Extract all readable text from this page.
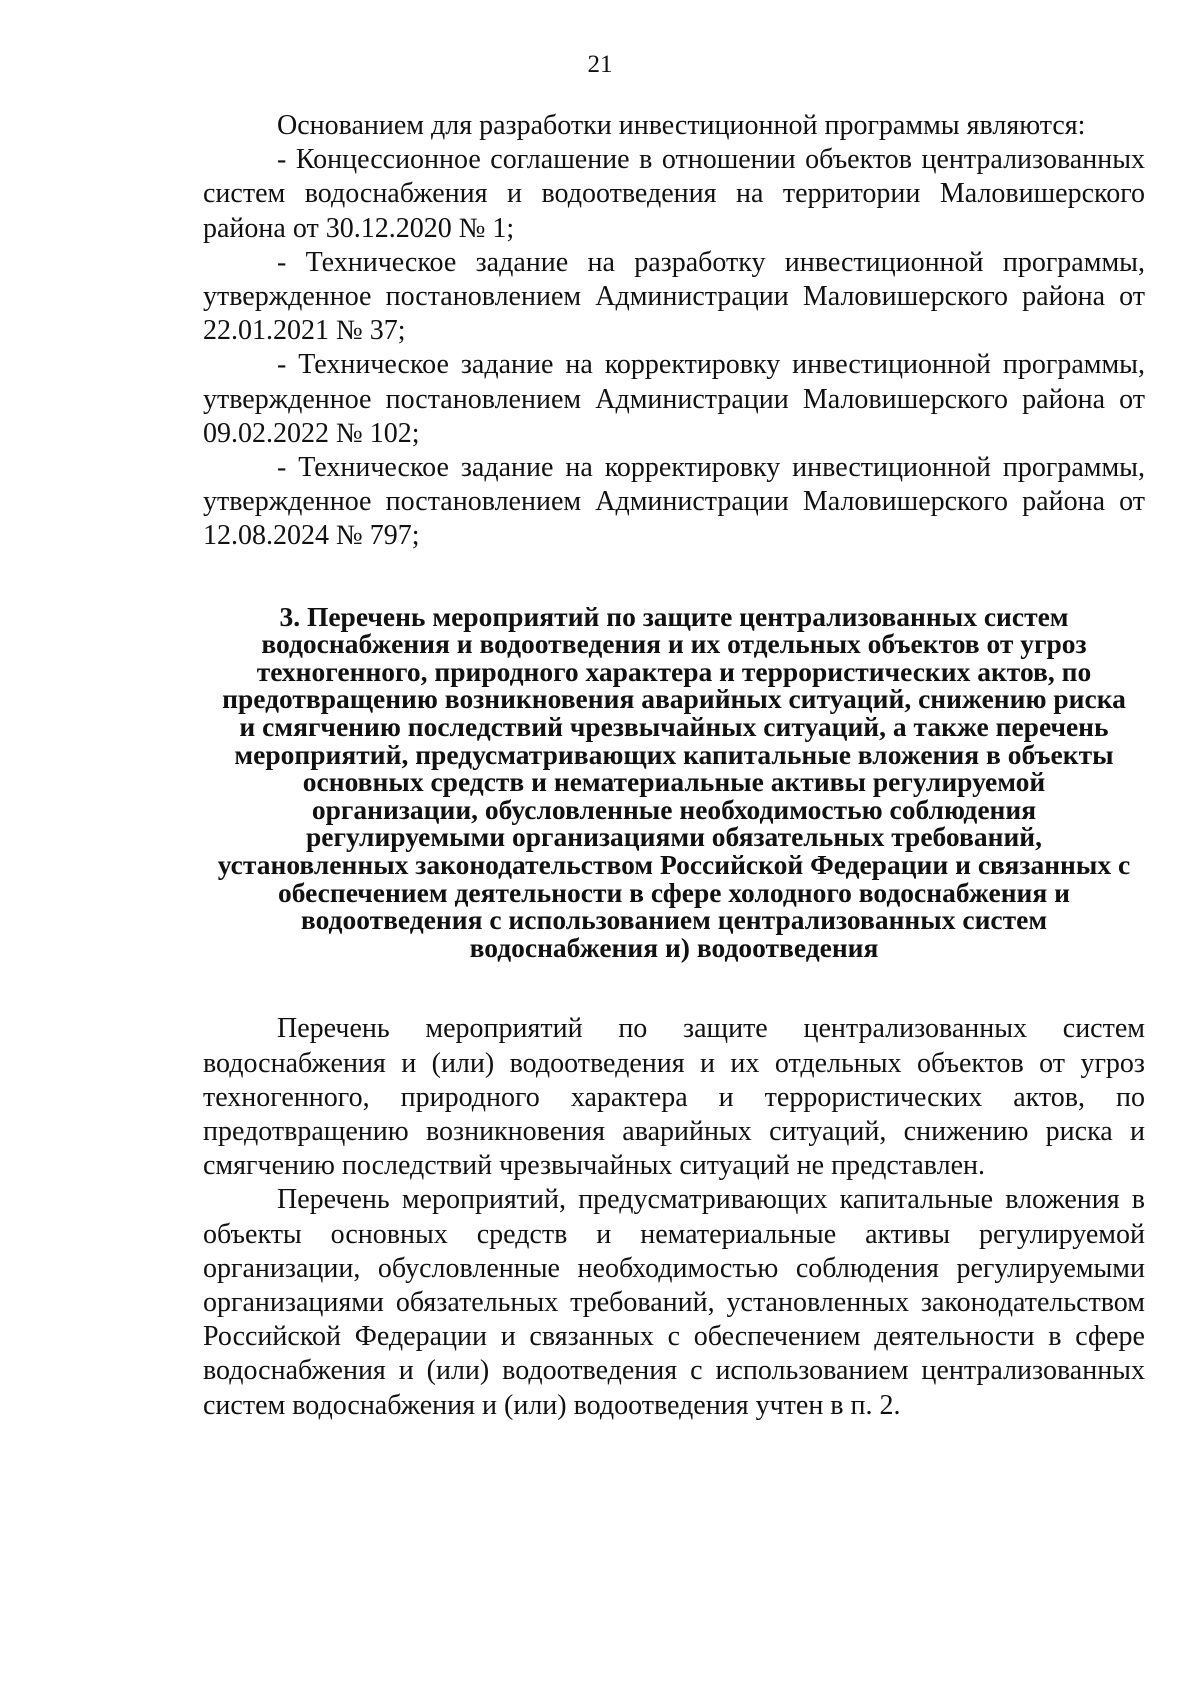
21

Основанием для разработки инвестиционной программы являются:

- Концессионное соглашение в отношении объектов централизованных систем водоснабжения и водоотведения на территории Маловишерского района от 30.12.2020 № 1;

- Техническое задание на разработку инвестиционной программы, утвержденное постановлением Администрации Маловишерского района от 22.01.2021 № 37;

- Техническое задание на корректировку инвестиционной программы, утвержденное постановлением Администрации Маловишерского района от 09.02.2022 № 102;

- Техническое задание на корректировку инвестиционной программы, утвержденное постановлением Администрации Маловишерского района от 12.08.2024 № 797;

3. Перечень мероприятий по защите централизованных систем
водоснабжения и водоотведения и их отдельных объектов от угроз
техногенного, природного характера и террористических актов, по
предотвращению возникновения аварийных ситуаций, снижению риска
и смягчению последствий чрезвычайных ситуаций, а также перечень
мероприятий, предусматривающих капитальные вложения в объекты
основных средств и нематериальные активы регулируемой
организации, обусловленные необходимостью соблюдения
регулируемыми организациями обязательных требований,
установленных законодательством Российской Федерации и связанных с
обеспечением деятельности в сфере холодного водоснабжения и
водоотведения с использованием централизованных систем
водоснабжения и) водоотведения

Перечень мероприятий по защите централизованных систем водоснабжения и (или) водоотведения и их отдельных объектов от угроз техногенного, природного характера и террористических актов, по предотвращению возникновения аварийных ситуаций, снижению риска и смягчению последствий чрезвычайных ситуаций не представлен.

Перечень мероприятий, предусматривающих капитальные вложения в объекты основных средств и нематериальные активы регулируемой организации, обусловленные необходимостью соблюдения регулируемыми организациями обязательных требований, установленных законодательством Российской Федерации и связанных с обеспечением деятельности в сфере водоснабжения и (или) водоотведения с использованием централизованных систем водоснабжения и (или) водоотведения учтен в п. 2.
